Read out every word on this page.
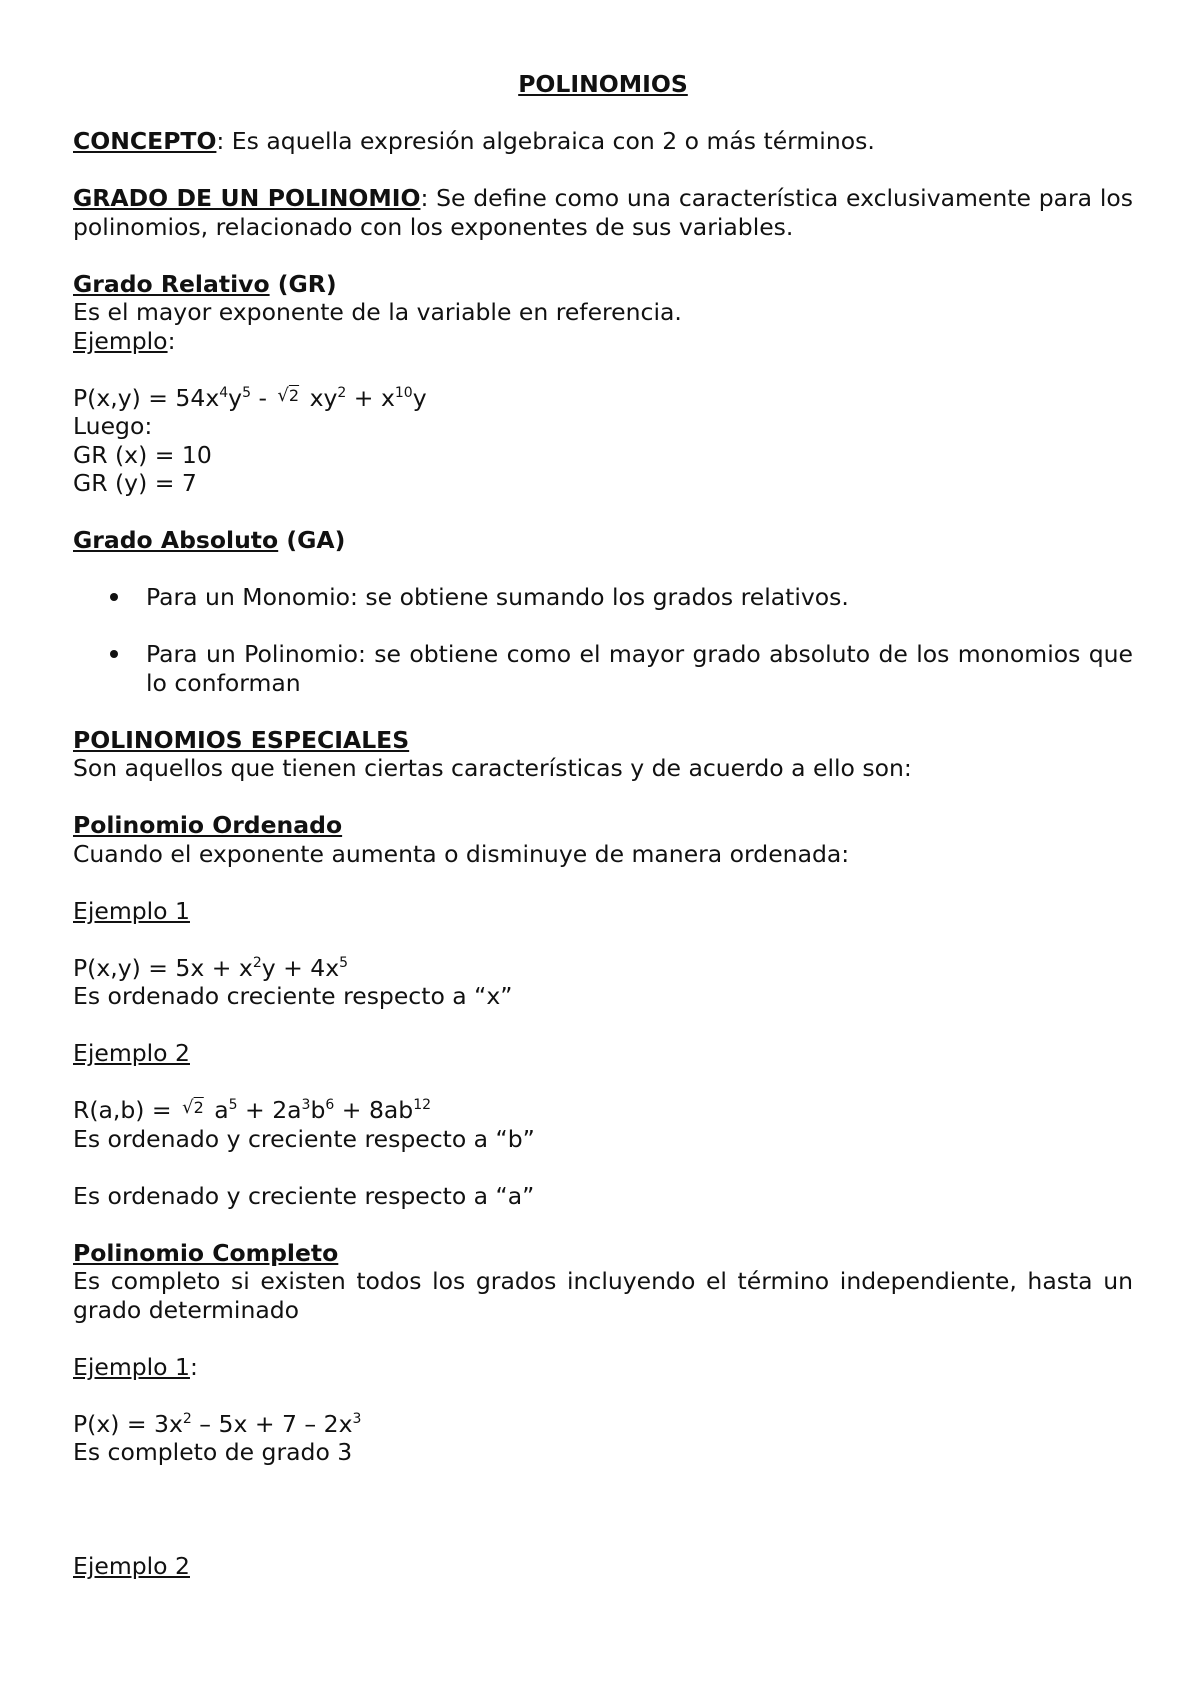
POLINOMIOS
CONCEPTO: Es aquella expresión algebraica con 2 o más términos.
GRADO DE UN POLINOMIO: Se define como una característica exclusivamente para los polinomios, relacionado con los exponentes de sus variables.
Grado Relativo (GR)
Es el mayor exponente de la variable en referencia.
Ejemplo:
$P(x,y) = 54x^4y^5 - √2$ $xy^2 + x^{10}y$
Luego:
GR (x) = 10
GR (y) = 7
Grado Absoluto (GA)
Para un Monomio: se obtiene sumando los grados relativos.
Para un Polinomio: se obtiene como el mayor grado absoluto de los monomios que lo conforman
POLINOMIOS ESPECIALES
Son aquellos que tienen ciertas características y de acuerdo a ello son:
Polinomio Ordenado
Cuando el exponente aumenta o disminuye de manera ordenada:
Ejemplo 1
$P(x,y) = 5x + x^2y + 4x^5$
Es ordenado creciente respecto a “x”
Ejemplo 2
R(a,b) = √2 $a^5 + 2a^3b^6 + 8ab^{12}$
Es ordenado y creciente respecto a “b”
Es ordenado y creciente respecto a “a”
Polinomio Completo
Es completo si existen todos los grados incluyendo el término independiente, hasta un grado determinado
Ejemplo 1:
$P(x) = 3x^2 - 5x + 7 - 2x^3$
Es completo de grado 3
Ejemplo 2
